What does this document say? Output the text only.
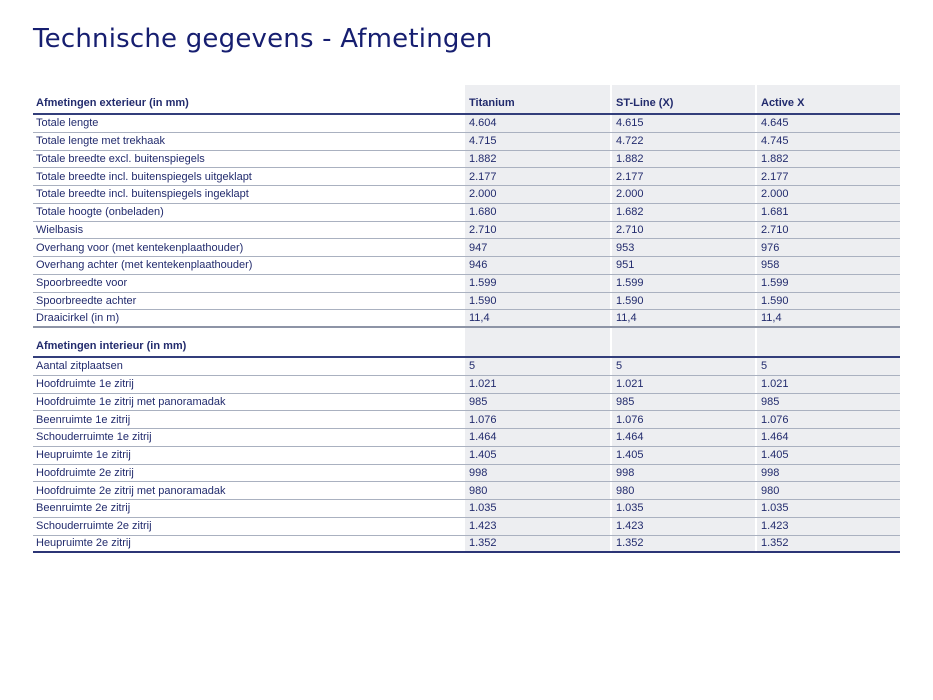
Technische gegevens - Afmetingen
Afmetingen exterieur (in mm)	Titanium	ST-Line (X)	Active X
Totale lengte	4.604	4.615	4.645
Totale lengte met trekhaak	4.715	4.722	4.745
Totale breedte excl. buitenspiegels	1.882	1.882	1.882
Totale breedte incl. buitenspiegels uitgeklapt	2.177	2.177	2.177
Totale breedte incl. buitenspiegels ingeklapt	2.000	2.000	2.000
Totale hoogte (onbeladen)	1.680	1.682	1.681
Wielbasis	2.710	2.710	2.710
Overhang voor (met kentekenplaathouder)	947	953	976
Overhang achter (met kentekenplaathouder)	946	951	958
Spoorbreedte voor	1.599	1.599	1.599
Spoorbreedte achter	1.590	1.590	1.590
Draaicirkel (in m)	11,4	11,4	11,4
Afmetingen interieur (in mm)
Aantal zitplaatsen	5	5	5
Hoofdruimte 1e zitrij	1.021	1.021	1.021
Hoofdruimte 1e zitrij met panoramadak	985	985	985
Beenruimte 1e zitrij	1.076	1.076	1.076
Schouderruimte 1e zitrij	1.464	1.464	1.464
Heupruimte 1e zitrij	1.405	1.405	1.405
Hoofdruimte 2e zitrij	998	998	998
Hoofdruimte 2e zitrij met panoramadak	980	980	980
Beenruimte 2e zitrij	1.035	1.035	1.035
Schouderruimte 2e zitrij	1.423	1.423	1.423
Heupruimte 2e zitrij	1.352	1.352	1.352
